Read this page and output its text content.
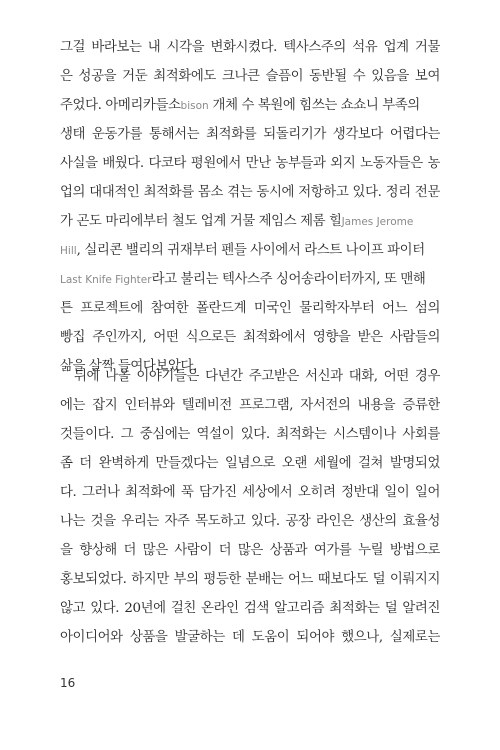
그걸 바라보는 내 시각을 변화시켰다. 텍사스주의 석유 업계 거물
은 성공을 거둔 최적화에도 크나큰 슬픔이 동반될 수 있음을 보여
주었다. 아메리카들소bison 개체 수 복원에 힘쓰는 쇼쇼니 부족의
생태 운동가를 통해서는 최적화를 되돌리기가 생각보다 어렵다는
사실을 배웠다. 다코타 평원에서 만난 농부들과 외지 노동자들은 농
업의 대대적인 최적화를 몸소 겪는 동시에 저항하고 있다. 정리 전문
가 곤도 마리에부터 철도 업계 거물 제임스 제롬 힐James Jerome
Hill, 실리콘 밸리의 귀재부터 펜들 사이에서 라스트 나이프 파이터
Last Knife Fighter라고 불리는 텍사스주 싱어송라이터까지, 또 맨해
튼 프로젝트에 참여한 폴란드계 미국인 물리학자부터 어느 섬의
빵집 주인까지, 어떤 식으로든 최적화에서 영향을 받은 사람들의
삶을 살짝 들여다보았다.
뒤에 나올 이야기들은 다년간 주고받은 서신과 대화, 어떤 경우
에는 잡지 인터뷰와 텔레비전 프로그램, 자서전의 내용을 증류한
것들이다. 그 중심에는 역설이 있다. 최적화는 시스템이나 사회를
좀 더 완벽하게 만들겠다는 일념으로 오랜 세월에 걸쳐 발명되었
다. 그러나 최적화에 푹 담가진 세상에서 오히려 정반대 일이 일어
나는 것을 우리는 자주 목도하고 있다. 공장 라인은 생산의 효율성
을 향상해 더 많은 사람이 더 많은 상품과 여가를 누릴 방법으로
홍보되었다. 하지만 부의 평등한 분배는 어느 때보다도 덜 이뤄지지
않고 있다. 20년에 걸친 온라인 검색 알고리즘 최적화는 덜 알려진
아이디어와 상품을 발굴하는 데 도움이 되어야 했으나, 실제로는
16
